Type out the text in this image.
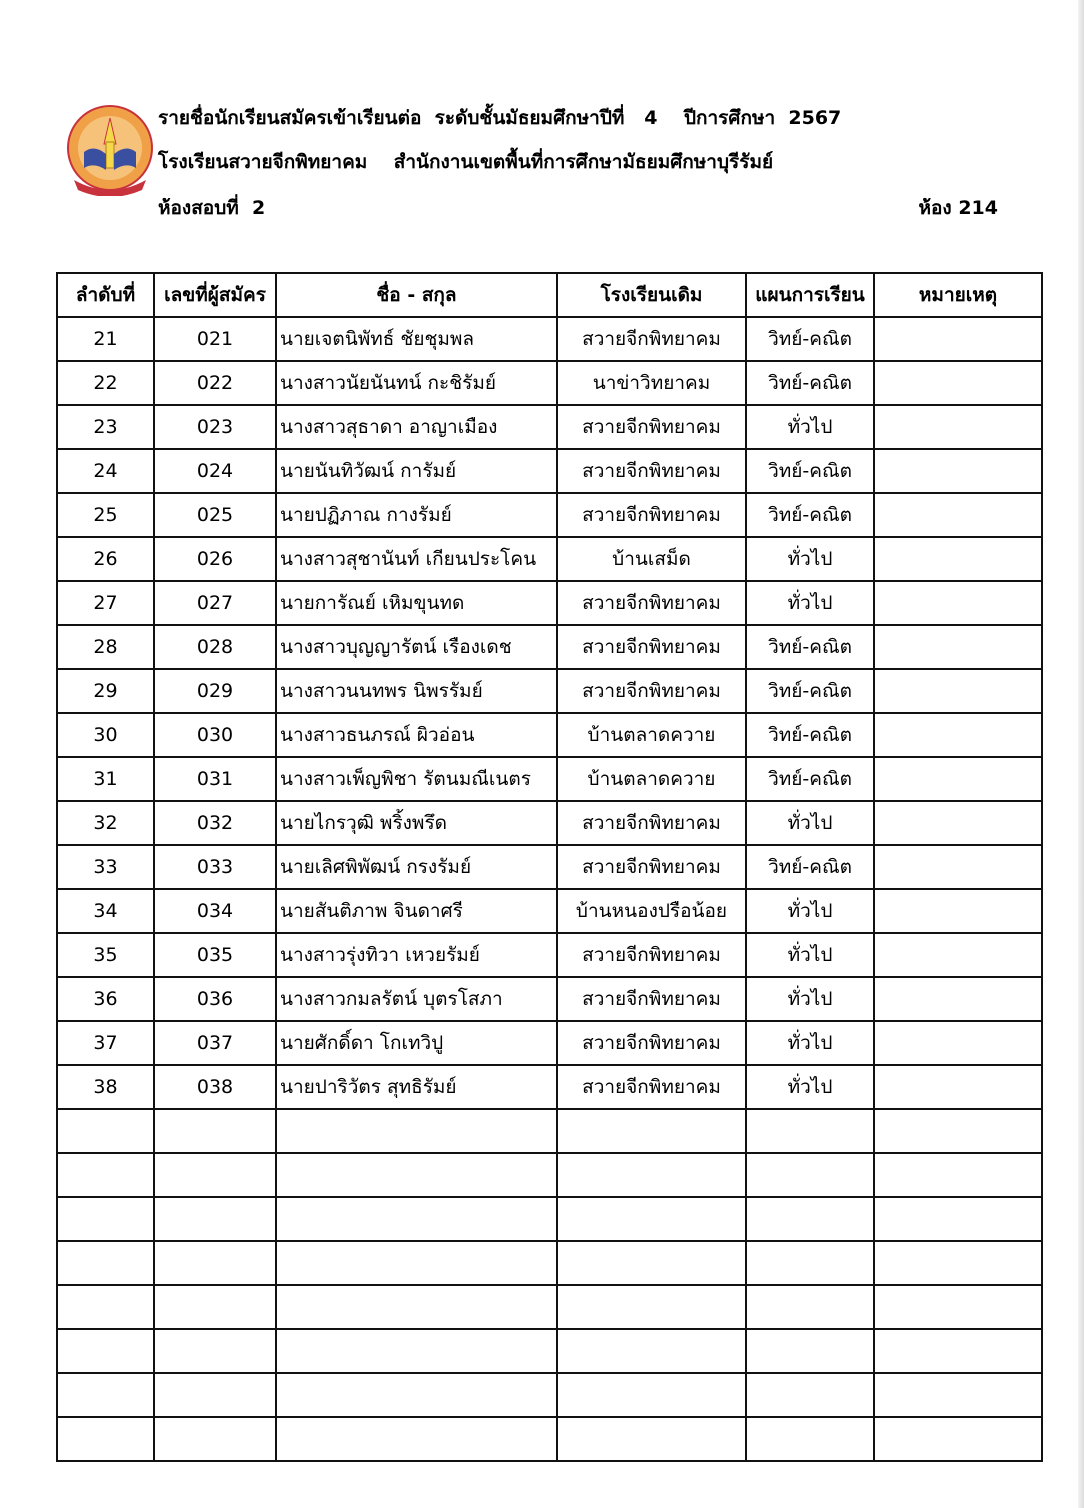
รายชื่อนักเรียนสมัครเข้าเรียนต่อ  ระดับชั้นมัธยมศึกษาปีที่   4    ปีการศึกษา  2567
โรงเรียนสวายจีกพิทยาคม    สำนักงานเขตพื้นที่การศึกษามัธยมศึกษาบุรีรัมย์
ห้องสอบที่  2	ห้อง 214
ลำดับที่	เลขที่ผู้สมัคร	ชื่อ - สกุล	โรงเรียนเดิม	แผนการเรียน	หมายเหตุ
21	021	นายเจตนิพัทธ์ ชัยชุมพล	สวายจีกพิทยาคม	วิทย์-คณิต	
22	022	นางสาวนัยนันทน์ กะชิรัมย์	นาข่าวิทยาคม	วิทย์-คณิต	
23	023	นางสาวสุธาดา อาญาเมือง	สวายจีกพิทยาคม	ทั่วไป	
24	024	นายนันทิวัฒน์ การัมย์	สวายจีกพิทยาคม	วิทย์-คณิต	
25	025	นายปฏิภาณ กางรัมย์	สวายจีกพิทยาคม	วิทย์-คณิต	
26	026	นางสาวสุชานันท์ เกียนประโคน	บ้านเสม็ด	ทั่วไป	
27	027	นายการัณย์ เหิมขุนทด	สวายจีกพิทยาคม	ทั่วไป	
28	028	นางสาวบุญญารัตน์ เรืองเดช	สวายจีกพิทยาคม	วิทย์-คณิต	
29	029	นางสาวนนทพร นิพรรัมย์	สวายจีกพิทยาคม	วิทย์-คณิต	
30	030	นางสาวธนภรณ์ ผิวอ่อน	บ้านตลาดควาย	วิทย์-คณิต	
31	031	นางสาวเพ็ญพิชา รัตนมณีเนตร	บ้านตลาดควาย	วิทย์-คณิต	
32	032	นายไกรวุฒิ พริ้งพรึด	สวายจีกพิทยาคม	ทั่วไป	
33	033	นายเลิศพิพัฒน์ กรงรัมย์	สวายจีกพิทยาคม	วิทย์-คณิต	
34	034	นายสันติภาพ จินดาศรี	บ้านหนองปรือน้อย	ทั่วไป	
35	035	นางสาวรุ่งทิวา เหวยรัมย์	สวายจีกพิทยาคม	ทั่วไป	
36	036	นางสาวกมลรัตน์ บุตรโสภา	สวายจีกพิทยาคม	ทั่วไป	
37	037	นายศักดิ์ดา โกเทวิปู	สวายจีกพิทยาคม	ทั่วไป	
38	038	นายปาริวัตร สุทธิรัมย์	สวายจีกพิทยาคม	ทั่วไป	
